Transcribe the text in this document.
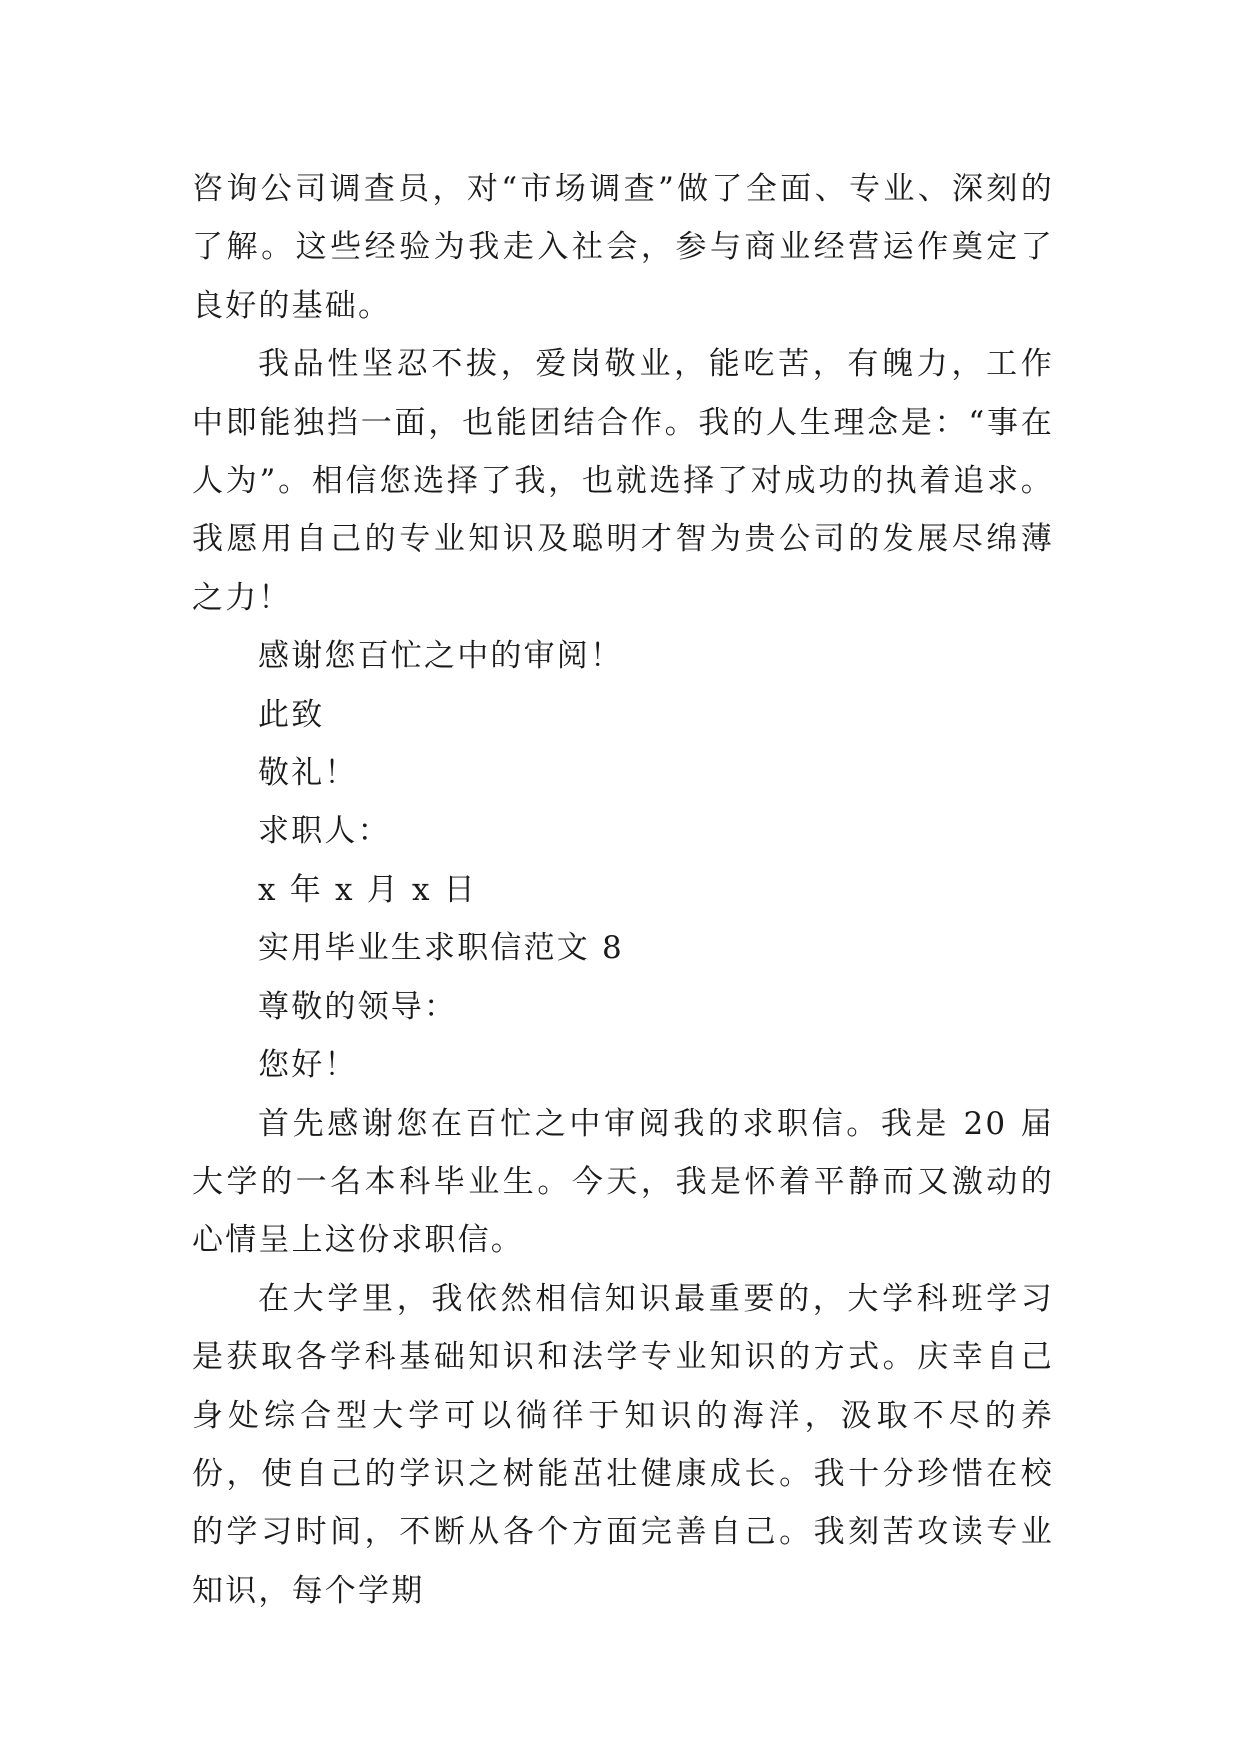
咨询公司调查员，对“市场调查”做了全面、专业、深刻的了解。这些经验为我走入社会，参与商业经营运作奠定了良好的基础。

我品性坚忍不拔，爱岗敬业，能吃苦，有魄力，工作中即能独挡一面，也能团结合作。我的人生理念是：“事在人为”。相信您选择了我，也就选择了对成功的执着追求。我愿用自己的专业知识及聪明才智为贵公司的发展尽绵薄之力！

感谢您百忙之中的审阅！

此致

敬礼！

求职人：

x 年 x 月 x 日

实用毕业生求职信范文 8

尊敬的领导：

您好！

首先感谢您在百忙之中审阅我的求职信。我是 20 届大学的一名本科毕业生。今天，我是怀着平静而又激动的心情呈上这份求职信。

在大学里，我依然相信知识最重要的，大学科班学习是获取各学科基础知识和法学专业知识的方式。庆幸自己身处综合型大学可以徜徉于知识的海洋，汲取不尽的养份，使自己的学识之树能茁壮健康成长。我十分珍惜在校的学习时间，不断从各个方面完善自己。我刻苦攻读专业知识，每个学期
